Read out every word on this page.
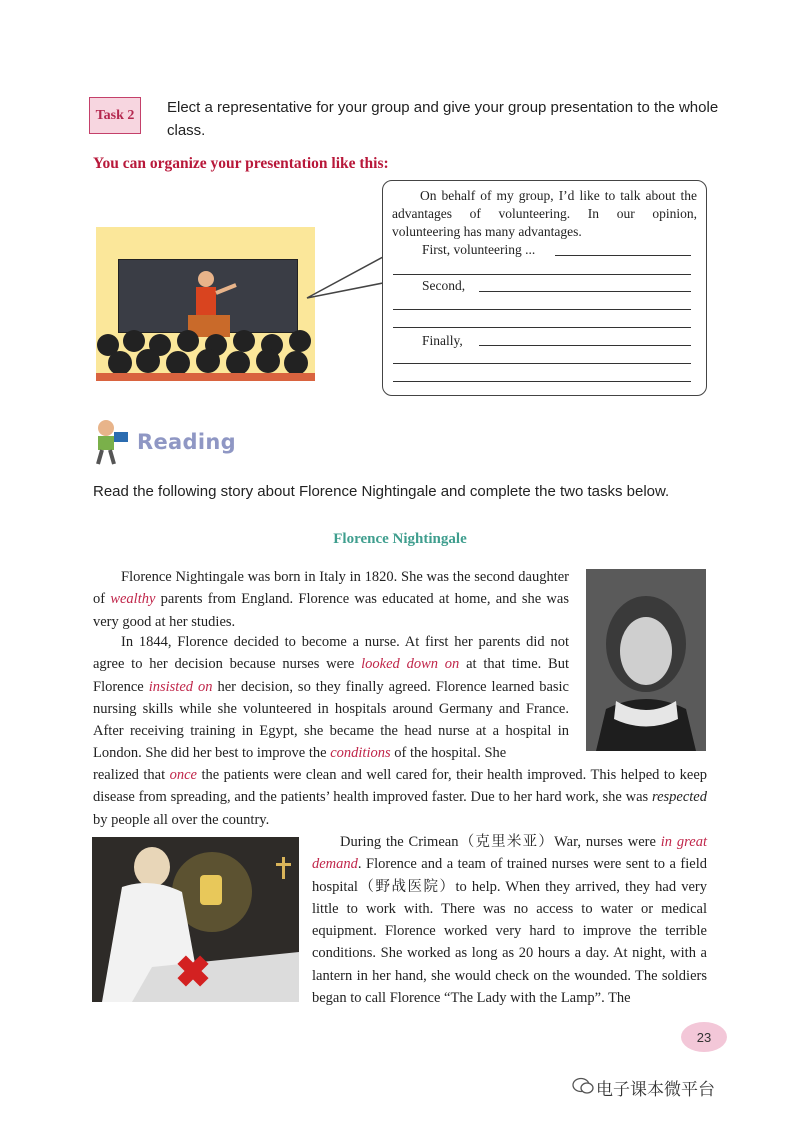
Task 2	Elect a representative for your group and give your group presentation to the whole class.
You can organize your presentation like this:
On behalf of my group, I’d like to talk about the advantages of volunteering. In our opinion, volunteering has many advantages.
First, volunteering ...
Second,
Finally,
Reading
Read the following story about Florence Nightingale and complete the two tasks below.
Florence Nightingale
Florence Nightingale was born in Italy in 1820. She was the second daughter of wealthy parents from England. Florence was educated at home, and she was very good at her studies.
In 1844, Florence decided to become a nurse. At first her parents did not agree to her decision because nurses were looked down on at that time. But Florence insisted on her decision, so they finally agreed. Florence learned basic nursing skills while she volunteered in hospitals around Germany and France. After receiving training in Egypt, she became the head nurse at a hospital in London. She did her best to improve the conditions of the hospital. She
realized that once the patients were clean and well cared for, their health improved. This helped to keep disease from spreading, and the patients’ health improved faster. Due to her hard work, she was respected by people all over the country.
During the Crimean（克里米亚）War, nurses were in great demand. Florence and a team of trained nurses were sent to a field hospital（野战医院）to help. When they arrived, they had very little to work with. There was no access to water or medical equipment. Florence worked very hard to improve the terrible conditions. She worked as long as 20 hours a day. At night, with a lantern in her hand, she would check on the wounded. The soldiers began to call Florence “The Lady with the Lamp”. The
23
电子课本微平台
